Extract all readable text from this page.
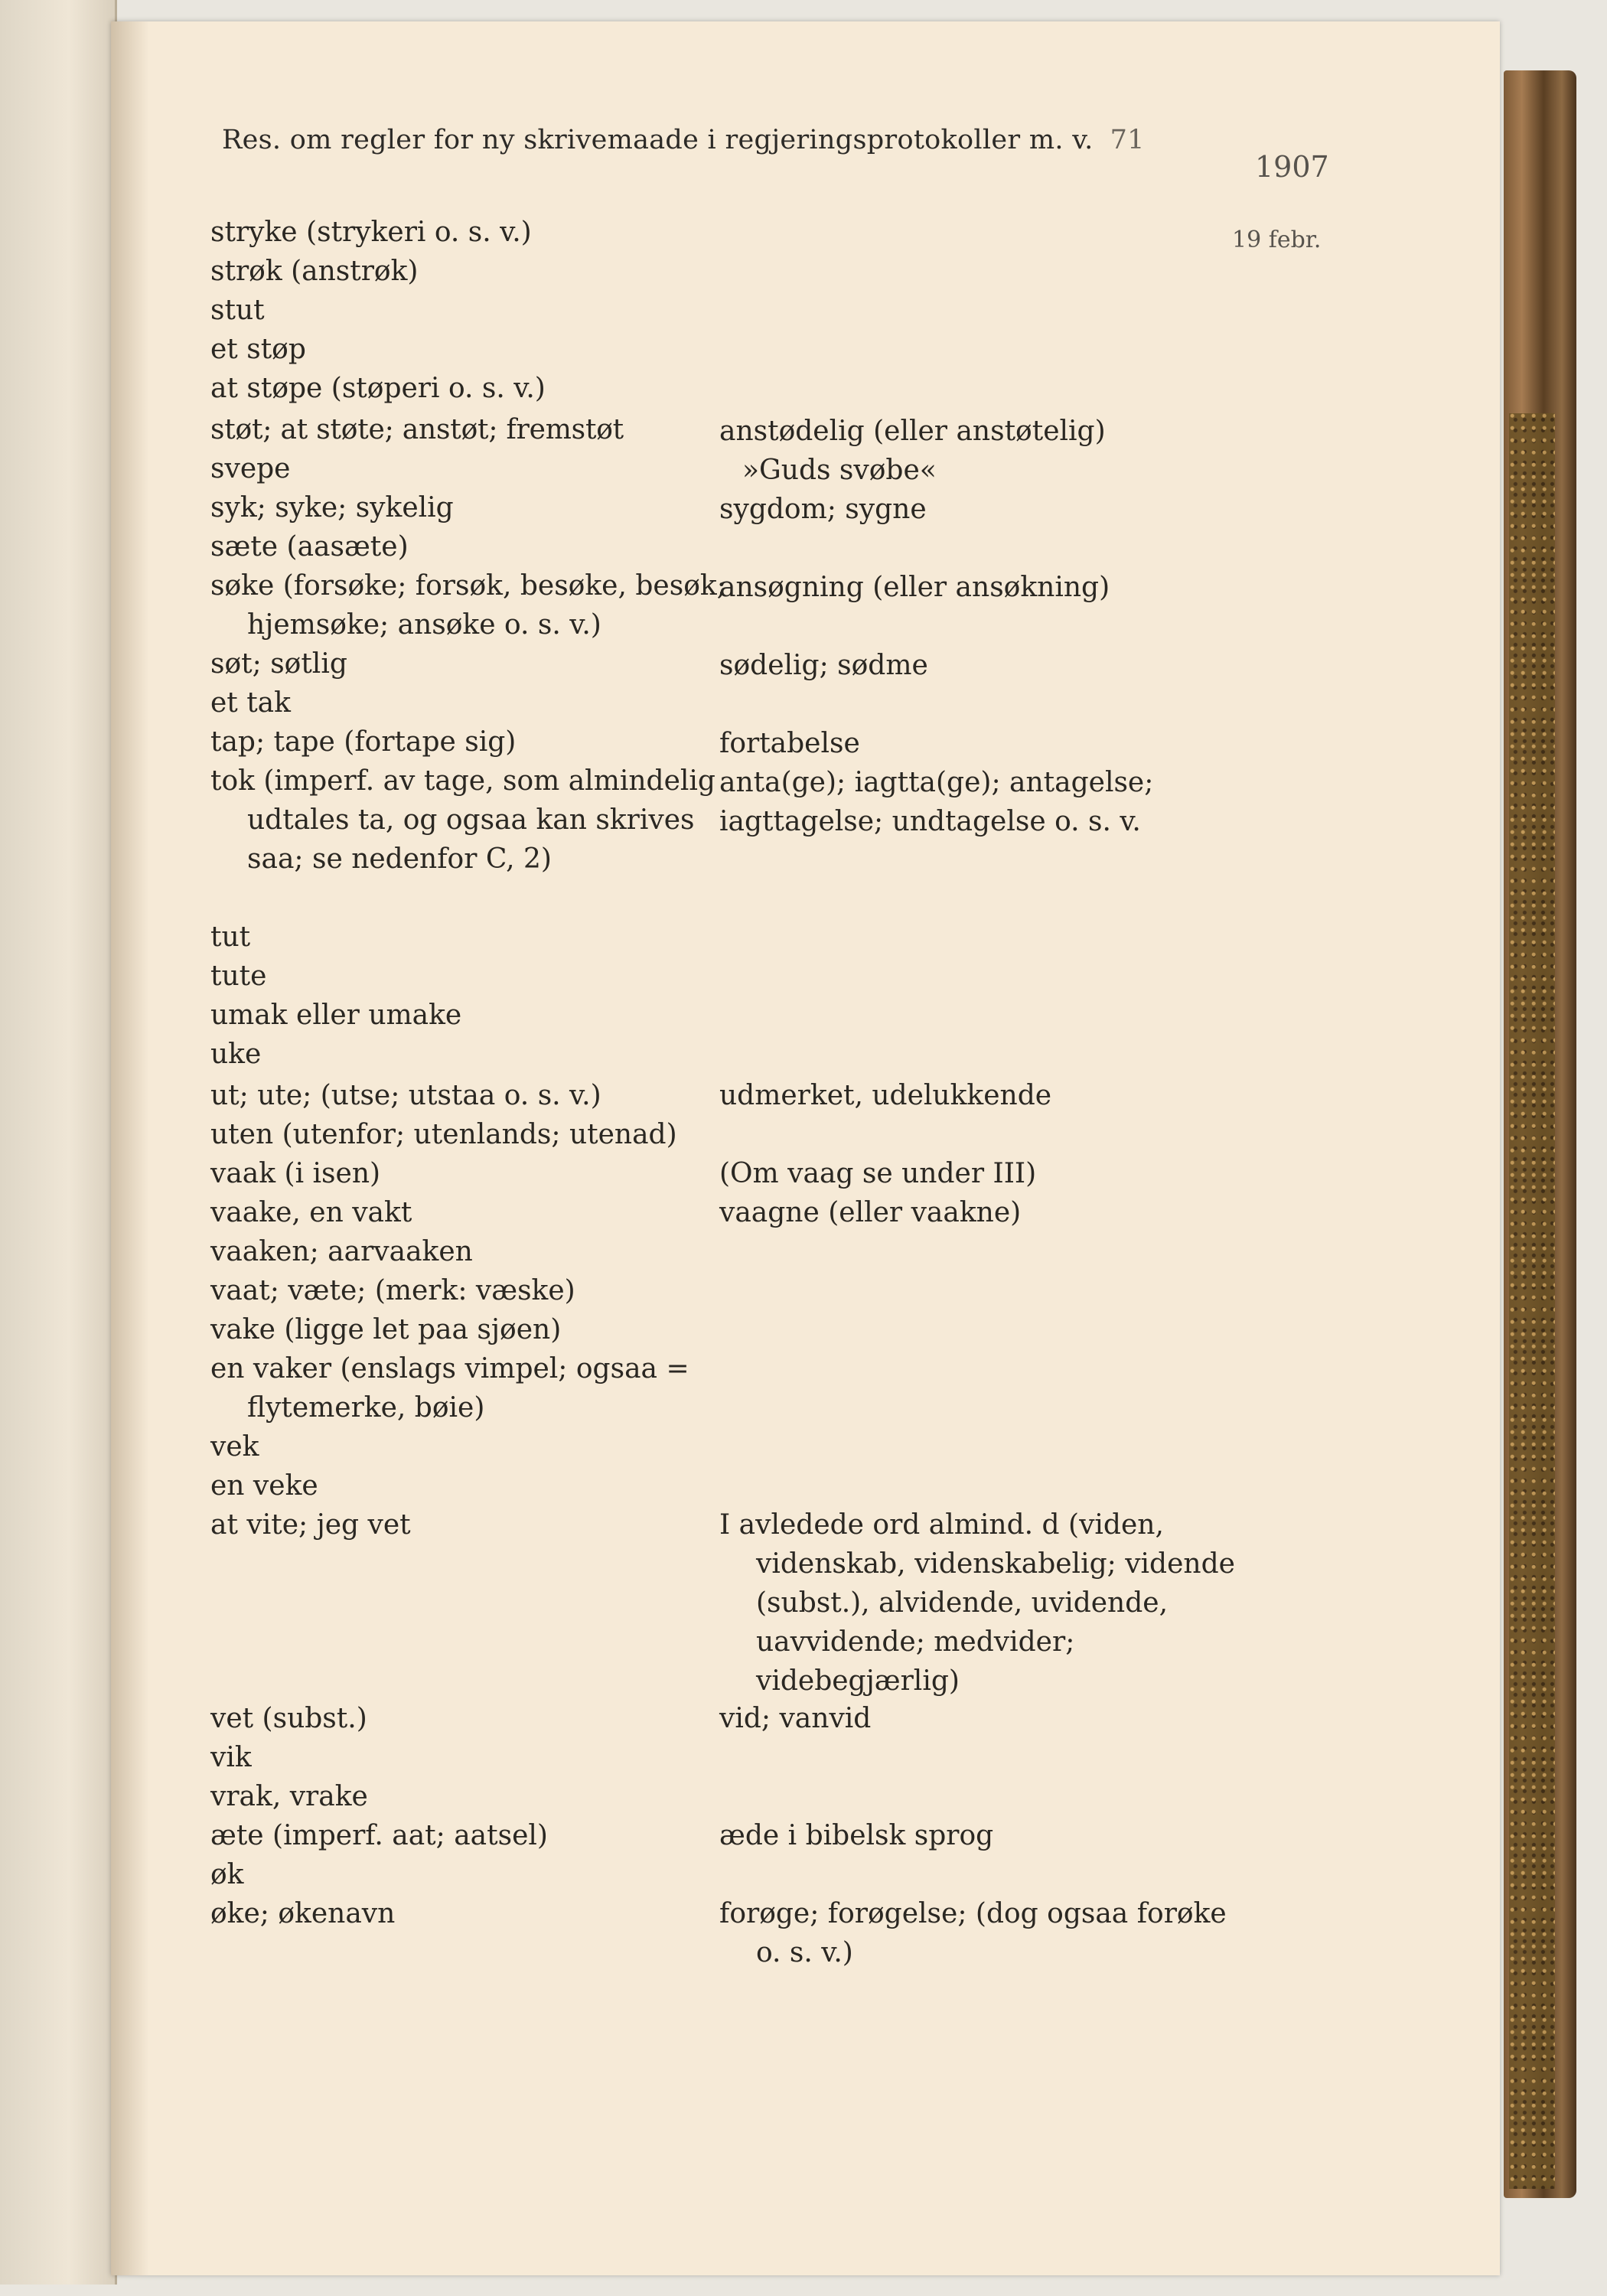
Res. om regler for ny skrivemaade i regjeringsprotokoller m. v. 71
1907
19 febr.
stryke (strykeri o. s. v.)
strøk (anstrøk)
stut
et støp
at støpe (støperi o. s. v.)
støt; at støte; anstøt; fremstøt
svepe
syk; syke; sykelig
sæte (aasæte)
søke (forsøke; forsøk, besøke, besøk; hjemsøke; ansøke o. s. v.)
søt; søtlig
et tak
tap; tape (fortape sig)
tok (imperf. av tage, som almindelig udtales ta, og ogsaa kan skrives saa; se nedenfor C, 2)
tut
tute
umak eller umake
uke
ut; ute; (utse; utstaa o. s. v.)
uten (utenfor; utenlands; utenad)
vaak (i isen)
vaake, en vakt
vaaken; aarvaaken
vaat; væte; (merk: væske)
vake (ligge let paa sjøen)
en vaker (enslags vimpel; ogsaa = flytemerke, bøie)
vek
en veke
at vite; jeg vet
vet (subst.)
vik
vrak, vrake
æte (imperf. aat; aatsel)
øk
øke; økenavn
anstødelig (eller anstøtelig)
»Guds svøbe«
sygdom; sygne
ansøgning (eller ansøkning)
sødelig; sødme
fortabelse
anta(ge); iagtta(ge); antagelse; iagttagelse; undtagelse o. s. v.
udmerket, udelukkende
(Om vaag se under III)
vaagne (eller vaakne)
I avledede ord almind. d (viden, videnskab, videnskabelig; vidende (subst.), alvidende, uvidende, uavvidende; medvider; videbegjærlig)
vid; vanvid
æde i bibelsk sprog
forøge; forøgelse; (dog ogsaa forøke o. s. v.)
